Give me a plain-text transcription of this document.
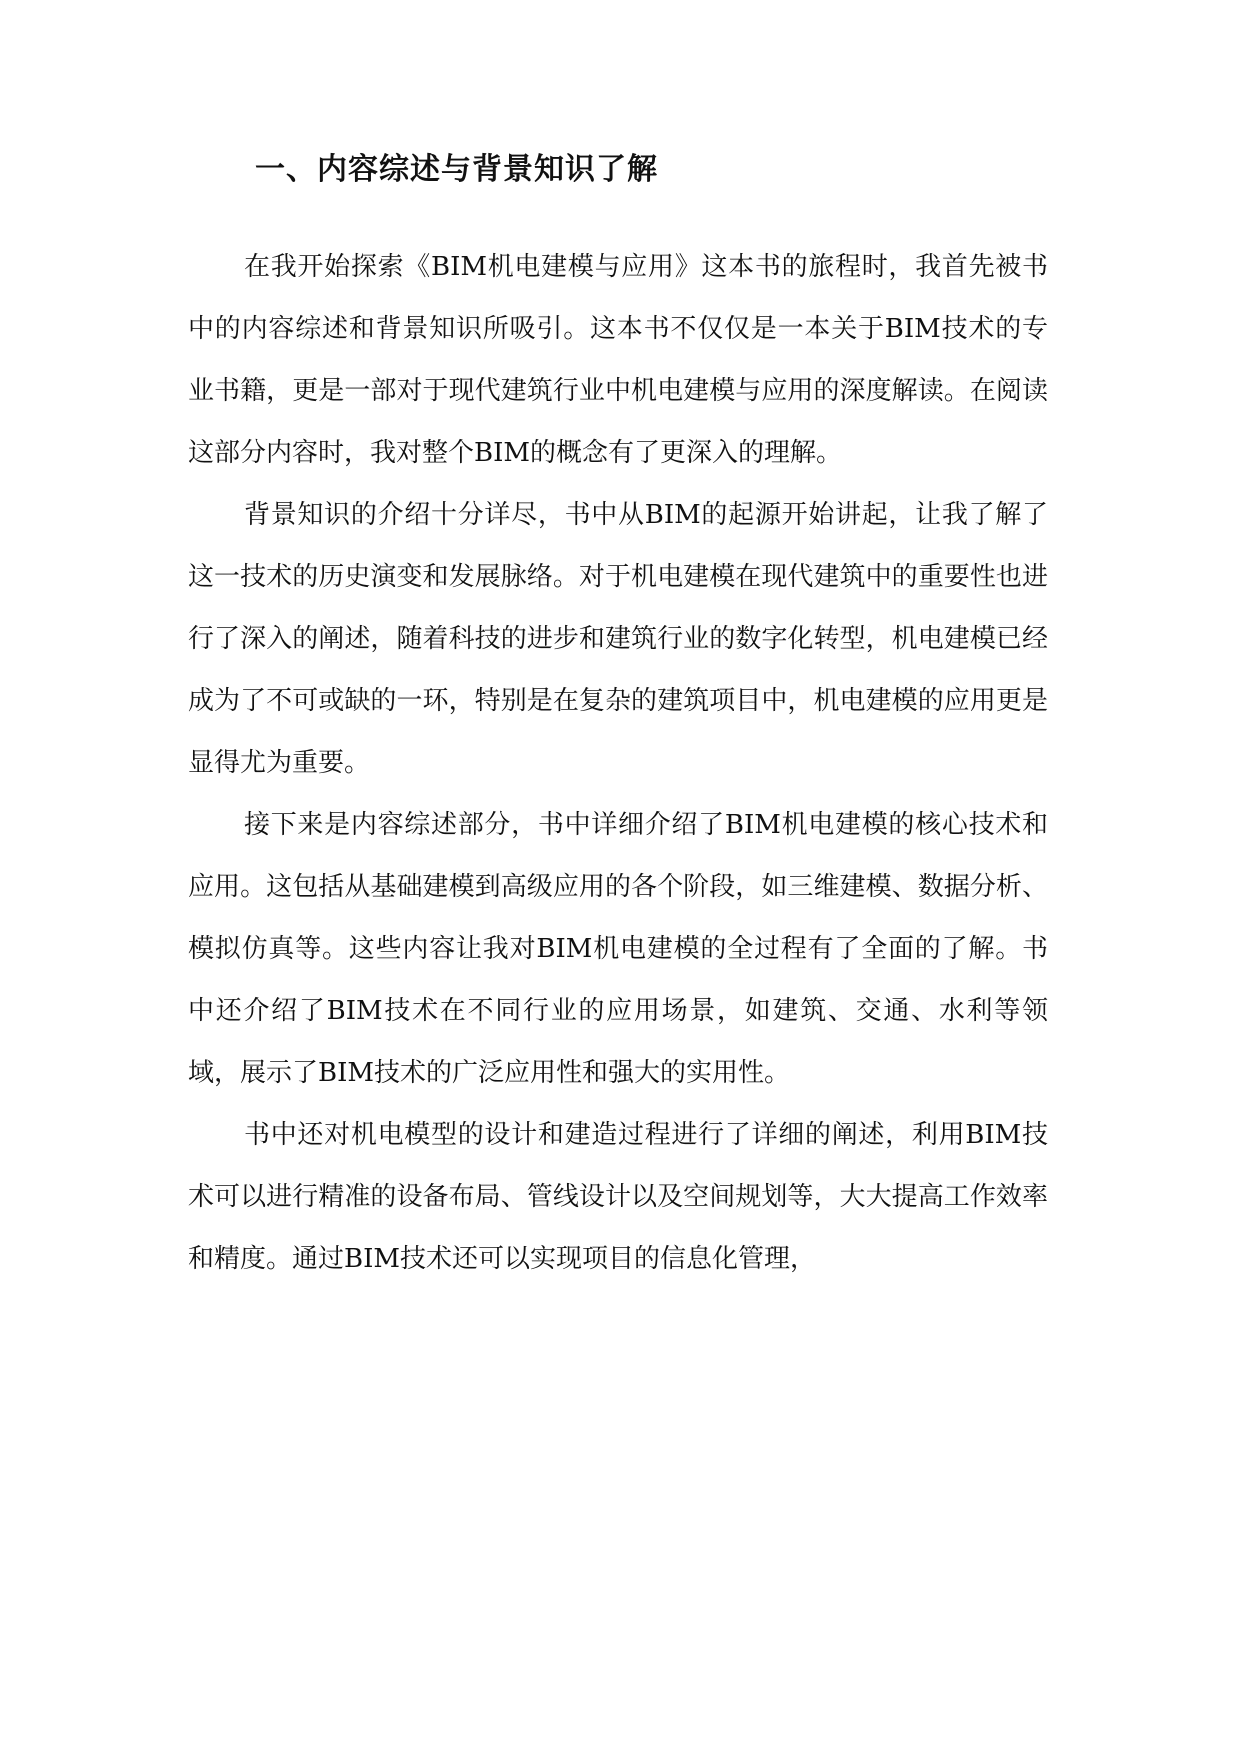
一、内容综述与背景知识了解

在我开始探索《BIM机电建模与应用》这本书的旅程时，我首先被书中的内容综述和背景知识所吸引。这本书不仅仅是一本关于BIM技术的专业书籍，更是一部对于现代建筑行业中机电建模与应用的深度解读。在阅读这部分内容时，我对整个BIM的概念有了更深入的理解。

背景知识的介绍十分详尽，书中从BIM的起源开始讲起，让我了解了这一技术的历史演变和发展脉络。对于机电建模在现代建筑中的重要性也进行了深入的阐述，随着科技的进步和建筑行业的数字化转型，机电建模已经成为了不可或缺的一环，特别是在复杂的建筑项目中，机电建模的应用更是显得尤为重要。

接下来是内容综述部分，书中详细介绍了BIM机电建模的核心技术和应用。这包括从基础建模到高级应用的各个阶段，如三维建模、数据分析、模拟仿真等。这些内容让我对BIM机电建模的全过程有了全面的了解。书中还介绍了BIM技术在不同行业的应用场景，如建筑、交通、水利等领域，展示了BIM技术的广泛应用性和强大的实用性。

书中还对机电模型的设计和建造过程进行了详细的阐述，利用BIM技术可以进行精准的设备布局、管线设计以及空间规划等，大大提高工作效率和精度。通过BIM技术还可以实现项目的信息化管理，
